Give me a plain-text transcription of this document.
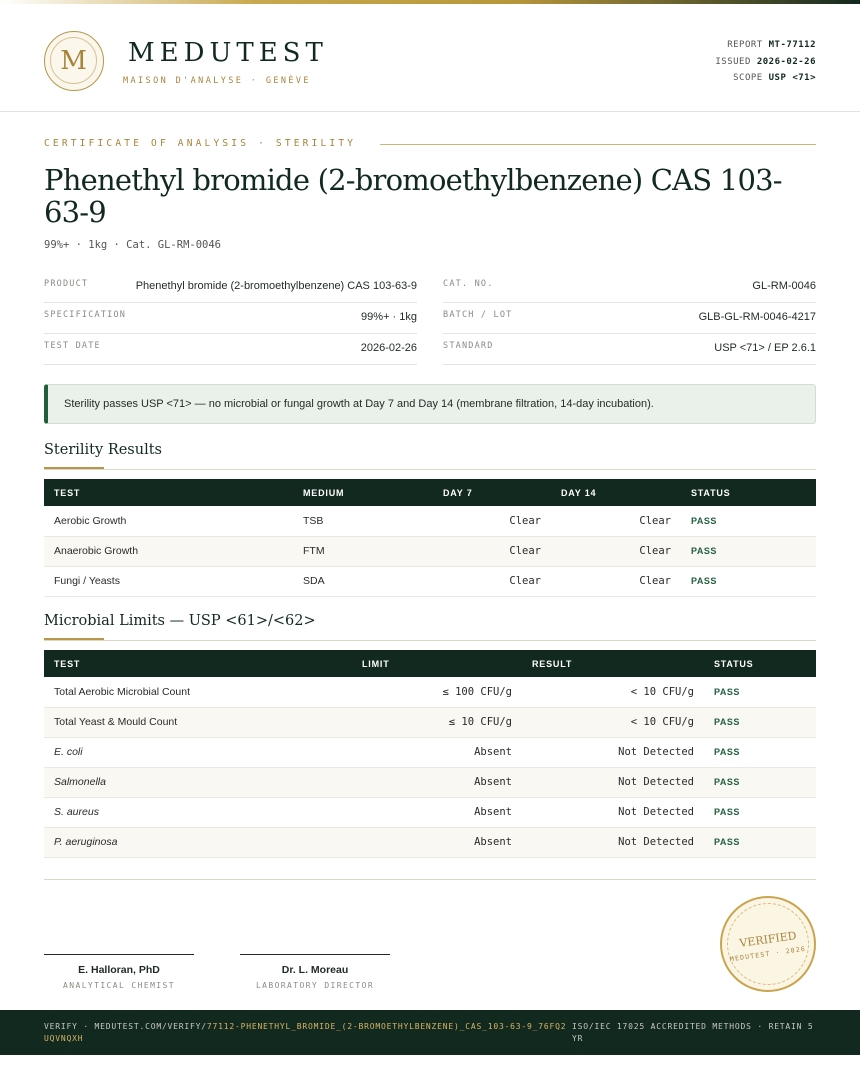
M	MEDUTEST
MAISON D'ANALYSE · GENÈVE
REPORT MT-77112
ISSUED 2026-02-26
SCOPE USP <71>
CERTIFICATE OF ANALYSIS · STERILITY
Phenethyl bromide (2-bromoethylbenzene) CAS 103-63-9
99%+ · 1kg · Cat. GL-RM-0046
PRODUCT	Phenethyl bromide (2-bromoethylbenzene) CAS 103-63-9
SPECIFICATION	99%+ · 1kg
TEST DATE	2026-02-26
CAT. NO.	GL-RM-0046
BATCH / LOT	GLB-GL-RM-0046-4217
STANDARD	USP <71> / EP 2.6.1
Sterility passes USP <71> — no microbial or fungal growth at Day 7 and Day 14 (membrane filtration, 14-day incubation).
Sterility Results
TEST	MEDIUM	DAY 7	DAY 14	STATUS
Aerobic Growth	TSB	Clear	Clear	PASS
Anaerobic Growth	FTM	Clear	Clear	PASS
Fungi / Yeasts	SDA	Clear	Clear	PASS
Microbial Limits — USP <61>/<62>
TEST	LIMIT	RESULT	STATUS
Total Aerobic Microbial Count	≤ 100 CFU/g	< 10 CFU/g	PASS
Total Yeast & Mould Count	≤ 10 CFU/g	< 10 CFU/g	PASS
E. coli	Absent	Not Detected	PASS
Salmonella	Absent	Not Detected	PASS
S. aureus	Absent	Not Detected	PASS
P. aeruginosa	Absent	Not Detected	PASS
E. Halloran, PhD
ANALYTICAL CHEMIST
Dr. L. Moreau
LABORATORY DIRECTOR
VERIFIED
MEDUTEST · 2026
VERIFY · MEDUTEST.COM/VERIFY/77112-PHENETHYL_BROMIDE_(2-BROMOETHYLBENZENE)_CAS_103-63-9_76FQ2UQVNQXH
ISO/IEC 17025 ACCREDITED METHODS · RETAIN 5 YR
